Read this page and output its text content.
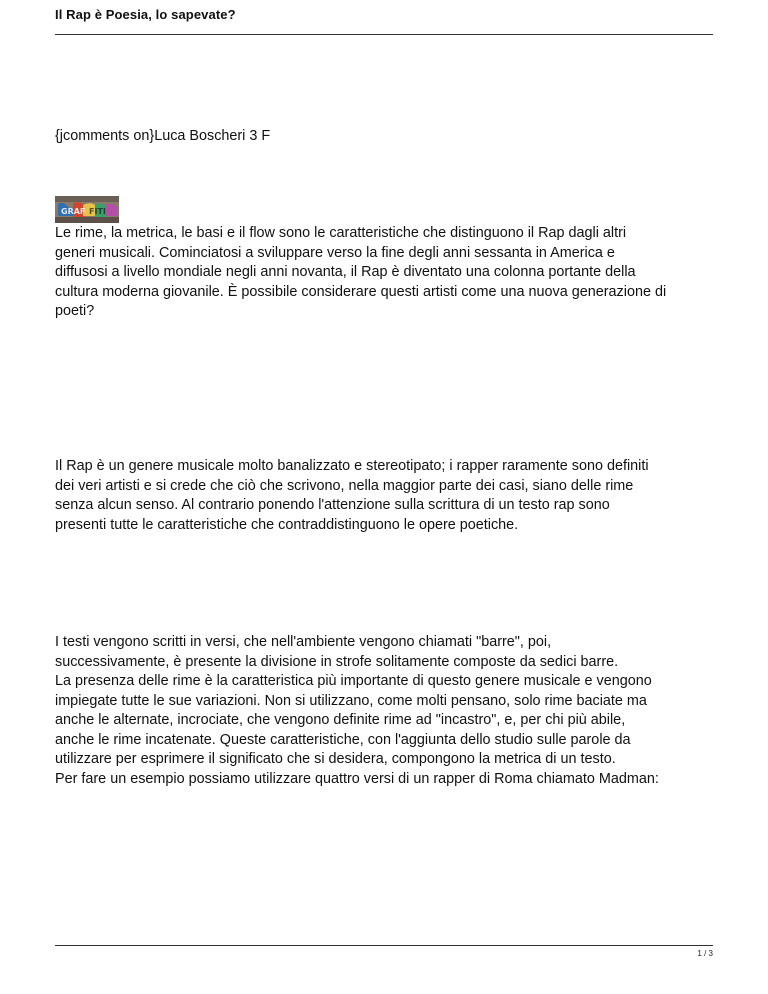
Il Rap è Poesia, lo sapevate?
{jcomments on}Luca Boscheri 3 F
GRAF FITI
Le rime, la metrica, le basi e il flow sono le caratteristiche che distinguono il Rap dagli altri
generi musicali. Cominciatosi a sviluppare verso la fine degli anni sessanta in America e
diffusosi a livello mondiale negli anni novanta, il Rap è diventato una colonna portante della
cultura moderna giovanile. È possibile considerare questi artisti come una nuova generazione di
poeti?
Il Rap è un genere musicale molto banalizzato e stereotipato; i rapper raramente sono definiti
dei veri artisti e si crede che ciò che scrivono, nella maggior parte dei casi, siano delle rime
senza alcun senso. Al contrario ponendo l'attenzione sulla scrittura di un testo rap sono
presenti tutte le caratteristiche che contraddistinguono le opere poetiche.
I testi vengono scritti in versi, che nell'ambiente vengono chiamati "barre", poi,
successivamente, è presente la divisione in strofe solitamente composte da sedici barre.
La presenza delle rime è la caratteristica più importante di questo genere musicale e vengono
impiegate tutte le sue variazioni. Non si utilizzano, come molti pensano, solo rime baciate ma
anche le alternate, incrociate, che vengono definite rime ad "incastro", e, per chi più abile,
anche le rime incatenate. Queste caratteristiche, con l'aggiunta dello studio sulle parole da
utilizzare per esprimere il significato che si desidera, compongono la metrica di un testo.
Per fare un esempio possiamo utilizzare quattro versi di un rapper di Roma chiamato Madman:
1 / 3
